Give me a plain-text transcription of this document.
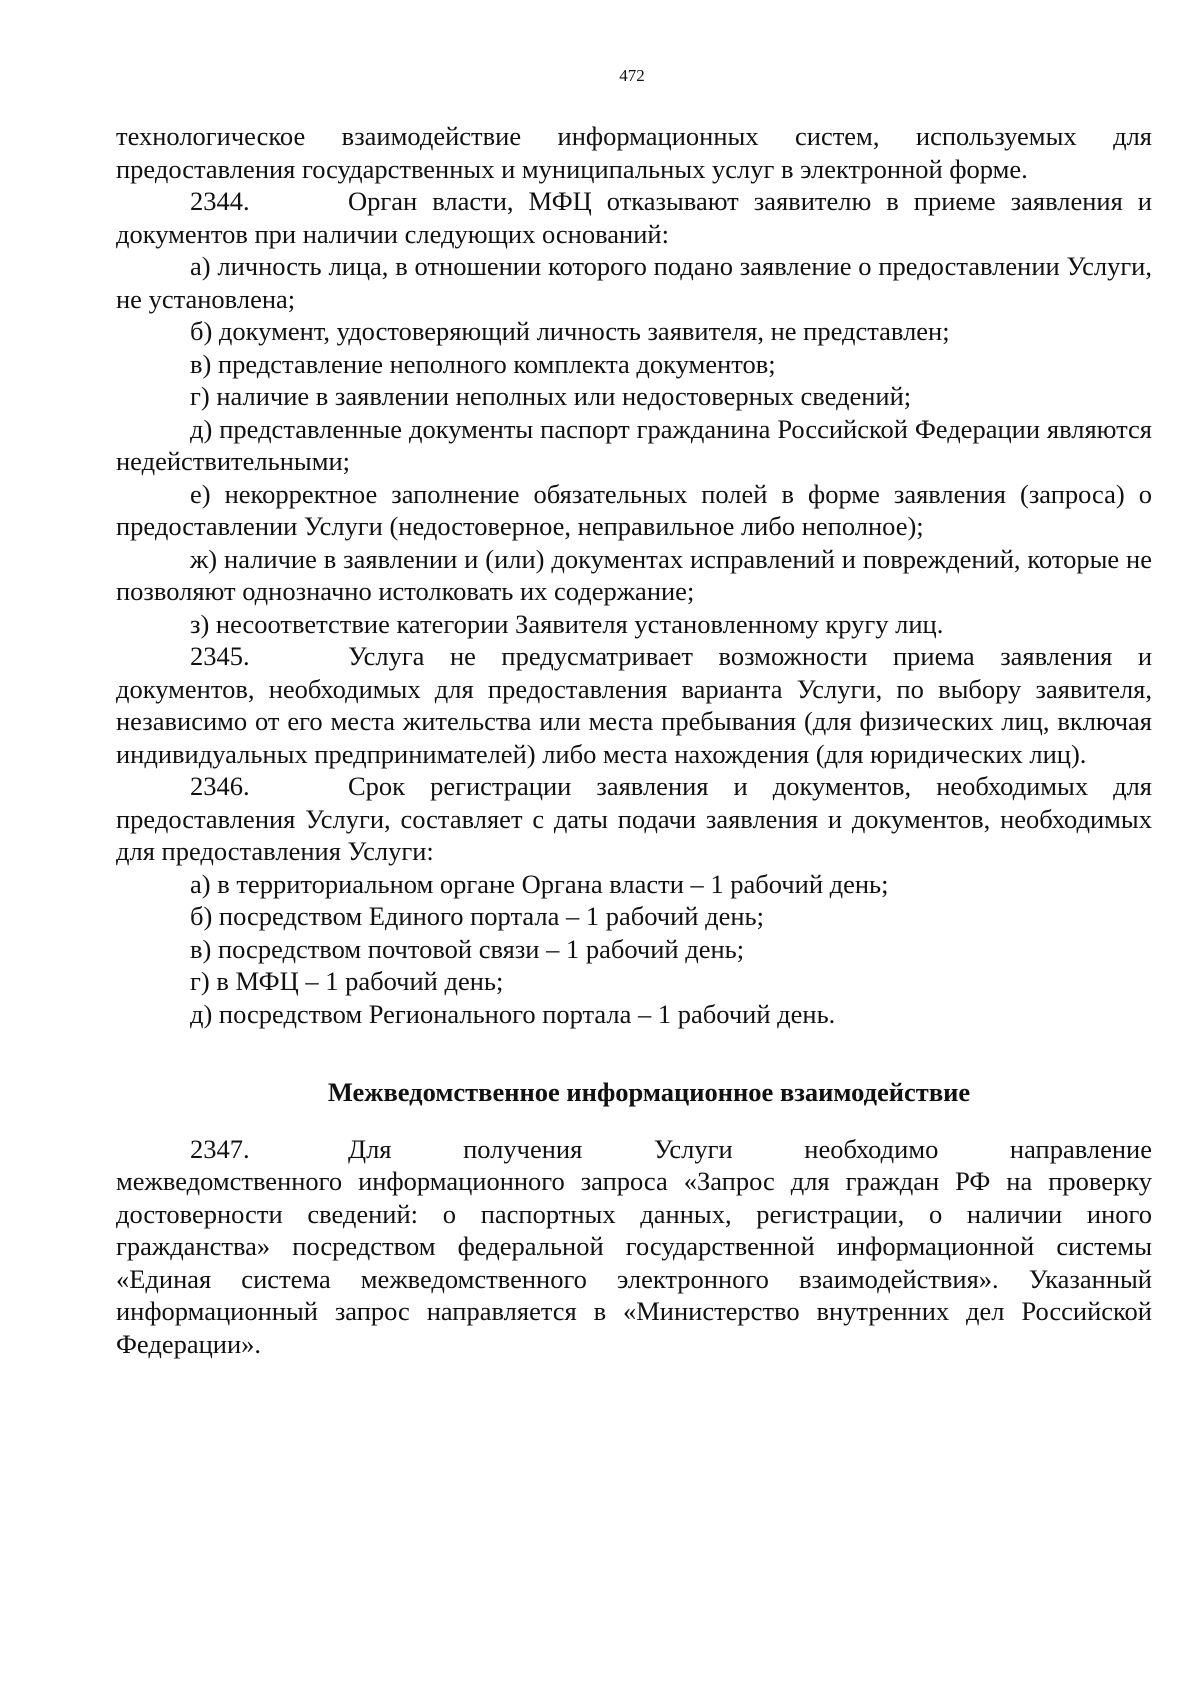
472

технологическое взаимодействие информационных систем, используемых для предоставления государственных и муниципальных услуг в электронной форме.

2344.	Орган власти, МФЦ отказывают заявителю в приеме заявления и документов при наличии следующих оснований:

а) личность лица, в отношении которого подано заявление о предоставлении Услуги, не установлена;

б) документ, удостоверяющий личность заявителя, не представлен;

в) представление неполного комплекта документов;

г) наличие в заявлении неполных или недостоверных сведений;

д) представленные документы паспорт гражданина Российской Федерации являются недействительными;

е) некорректное заполнение обязательных полей в форме заявления (запроса) о предоставлении Услуги (недостоверное, неправильное либо неполное);

ж) наличие в заявлении и (или) документах исправлений и повреждений, которые не позволяют однозначно истолковать их содержание;

з) несоответствие категории Заявителя установленному кругу лиц.

2345.	Услуга не предусматривает возможности приема заявления и документов, необходимых для предоставления варианта Услуги, по выбору заявителя, независимо от его места жительства или места пребывания (для физических лиц, включая индивидуальных предпринимателей) либо места нахождения (для юридических лиц).

2346.	Срок регистрации заявления и документов, необходимых для предоставления Услуги, составляет с даты подачи заявления и документов, необходимых для предоставления Услуги:

а) в территориальном органе Органа власти – 1 рабочий день;

б) посредством Единого портала – 1 рабочий день;

в) посредством почтовой связи – 1 рабочий день;

г) в МФЦ – 1 рабочий день;

д) посредством Регионального портала – 1 рабочий день.

Межведомственное информационное взаимодействие

2347.	Для получения Услуги необходимо направление

межведомственного информационного запроса «Запрос для граждан РФ на проверку достоверности сведений: о паспортных данных, регистрации, о наличии иного гражданства» посредством федеральной государственной информационной системы «Единая система межведомственного электронного взаимодействия». Указанный информационный запрос направляется в «Министерство внутренних дел Российской Федерации».
